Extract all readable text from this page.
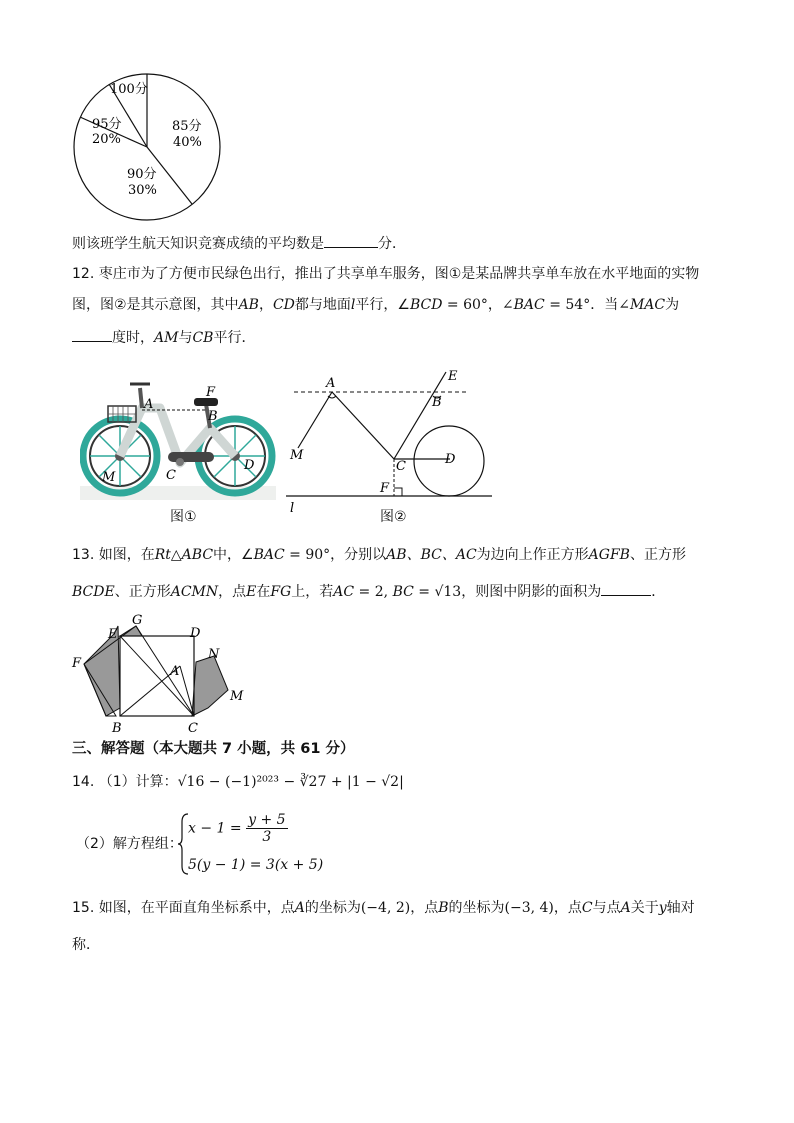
100分
85分
40%
90分
30%
95分
20%
则该班学生航天知识竞赛成绩的平均数是	分．
12. 枣庄市为了方便市民绿色出行，推出了共享单车服务，图①是某品牌共享单车放在水平地面的实物
图，图②是其示意图，其中AB，CD都与地面l平行，∠BCD = 60°，∠BAC = 54°．当∠MAC为
度时，AM与CB平行．
A
F
B
D
M	C
图①
A	E
B
M
C	D
F
l
图②
13. 如图，在Rt△ABC中，∠BAC = 90°，分别以AB、BC、AC为边向上作正方形AGFB、正方形
BCDE、正方形ACMN，点E在FG上，若AC = 2, BC = √13，则图中阴影的面积为	．
G
E	D
F
N
A
M
B	C
三、解答题（本大题共 7 小题，共 61 分）
14. （1）计算：√16 − (−1)²⁰²³ − ∛27 + |1 − √2|
（2）解方程组：
$x - 1 = \frac{y + 5}{3}$
5(y − 1) = 3(x + 5)
15. 如图，在平面直角坐标系中，点A的坐标为(−4, 2)，点B的坐标为(−3, 4)，点C与点A关于y轴对
称．
